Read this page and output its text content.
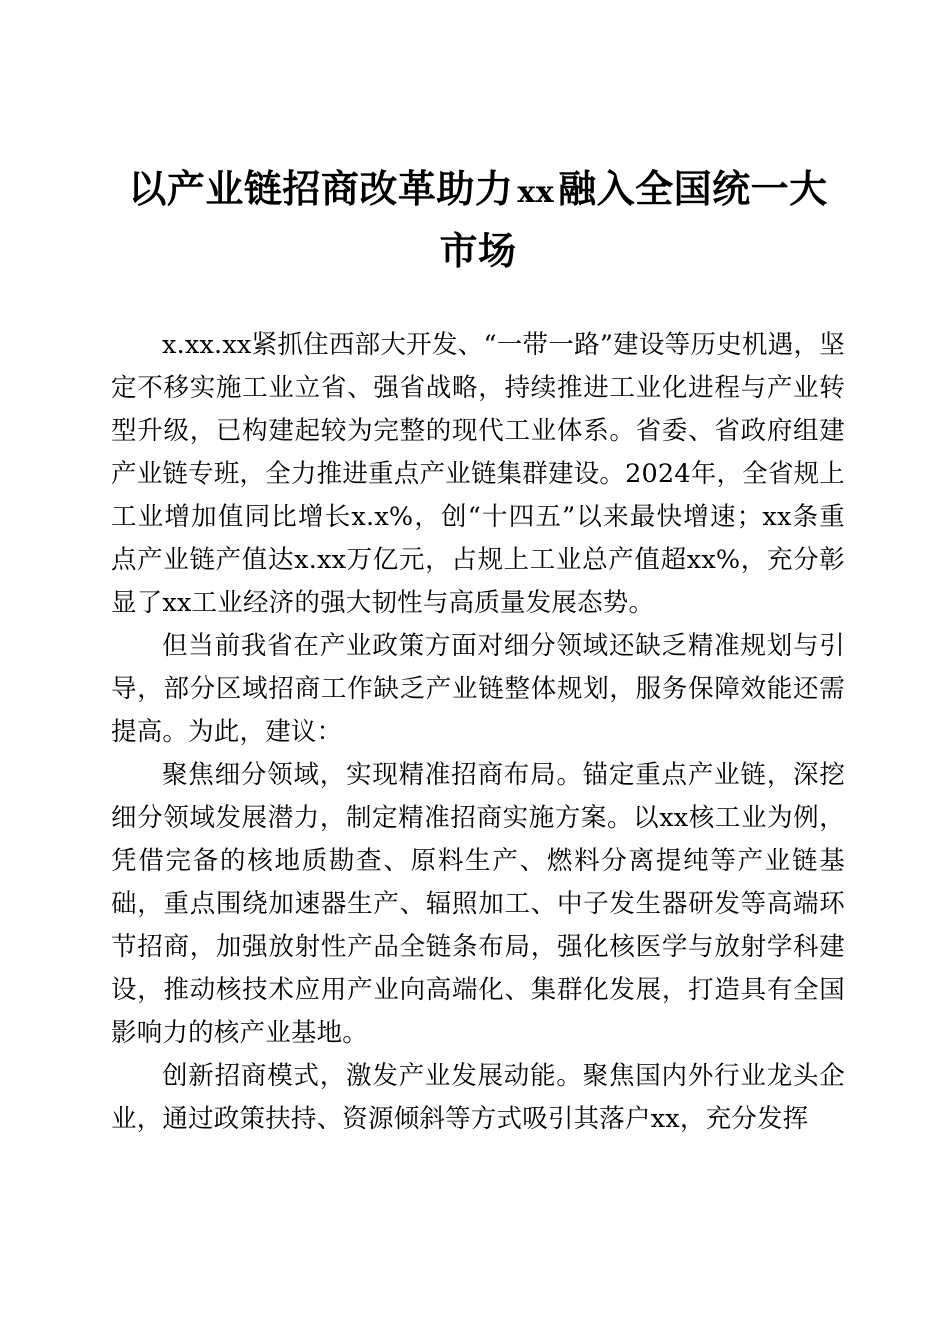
以产业链招商改革助力 xx 融入全国统一大市场

x.xx.xx紧抓住西部大开发、“一带一路”建设等历史机遇，坚定不移实施工业立省、强省战略，持续推进工业化进程与产业转型升级，已构建起较为完整的现代工业体系。省委、省政府组建产业链专班，全力推进重点产业链集群建设。2024年，全省规上工业增加值同比增长x.x%，创“十四五”以来最快增速；xx条重点产业链产值达x.xx万亿元，占规上工业总产值超xx%，充分彰显了xx工业经济的强大韧性与高质量发展态势。

但当前我省在产业政策方面对细分领域还缺乏精准规划与引导，部分区域招商工作缺乏产业链整体规划，服务保障效能还需提高。为此，建议：

聚焦细分领域，实现精准招商布局。锚定重点产业链，深挖细分领域发展潜力，制定精准招商实施方案。以xx核工业为例，凭借完备的核地质勘查、原料生产、燃料分离提纯等产业链基础，重点围绕加速器生产、辐照加工、中子发生器研发等高端环节招商，加强放射性产品全链条布局，强化核医学与放射学科建设，推动核技术应用产业向高端化、集群化发展，打造具有全国影响力的核产业基地。

创新招商模式，激发产业发展动能。聚焦国内外行业龙头企业，通过政策扶持、资源倾斜等方式吸引其落户xx，充分发挥
